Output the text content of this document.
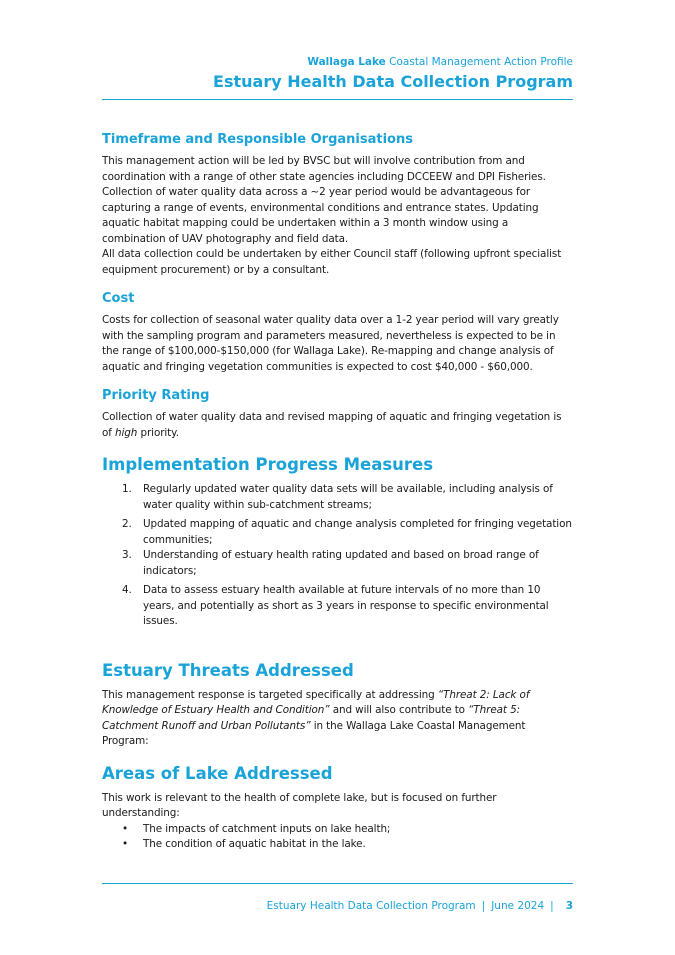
Wallaga Lake Coastal Management Action Profile
Estuary Health Data Collection Program
Timeframe and Responsible Organisations

This management action will be led by BVSC but will involve contribution from and coordination with a range of other state agencies including DCCEEW and DPI Fisheries. Collection of water quality data across a ~2 year period would be advantageous for capturing a range of events, environmental conditions and entrance states. Updating aquatic habitat mapping could be undertaken within a 3 month window using a combination of UAV photography and field data.

All data collection could be undertaken by either Council staff (following upfront specialist equipment procurement) or by a consultant.

Cost

Costs for collection of seasonal water quality data over a 1-2 year period will vary greatly with the sampling program and parameters measured, nevertheless is expected to be in the range of $100,000-$150,000 (for Wallaga Lake). Re-mapping and change analysis of aquatic and fringing vegetation communities is expected to cost $40,000 - $60,000.

Priority Rating

Collection of water quality data and revised mapping of aquatic and fringing vegetation is of high priority.

Implementation Progress Measures
1. Regularly updated water quality data sets will be available, including analysis of water quality within sub-catchment streams;
2. Updated mapping of aquatic and change analysis completed for fringing vegetation communities;
3. Understanding of estuary health rating updated and based on broad range of indicators;
4. Data to assess estuary health available at future intervals of no more than 10 years, and potentially as short as 3 years in response to specific environmental issues.
Estuary Threats Addressed

This management response is targeted specifically at addressing “Threat 2: Lack of Knowledge of Estuary Health and Condition” and will also contribute to “Threat 5: Catchment Runoff and Urban Pollutants” in the Wallaga Lake Coastal Management Program:

Areas of Lake Addressed

This work is relevant to the health of complete lake, but is focused on further understanding:

• The impacts of catchment inputs on lake health;
• The condition of aquatic habitat in the lake.
Estuary Health Data Collection Program | June 2024 | 3
